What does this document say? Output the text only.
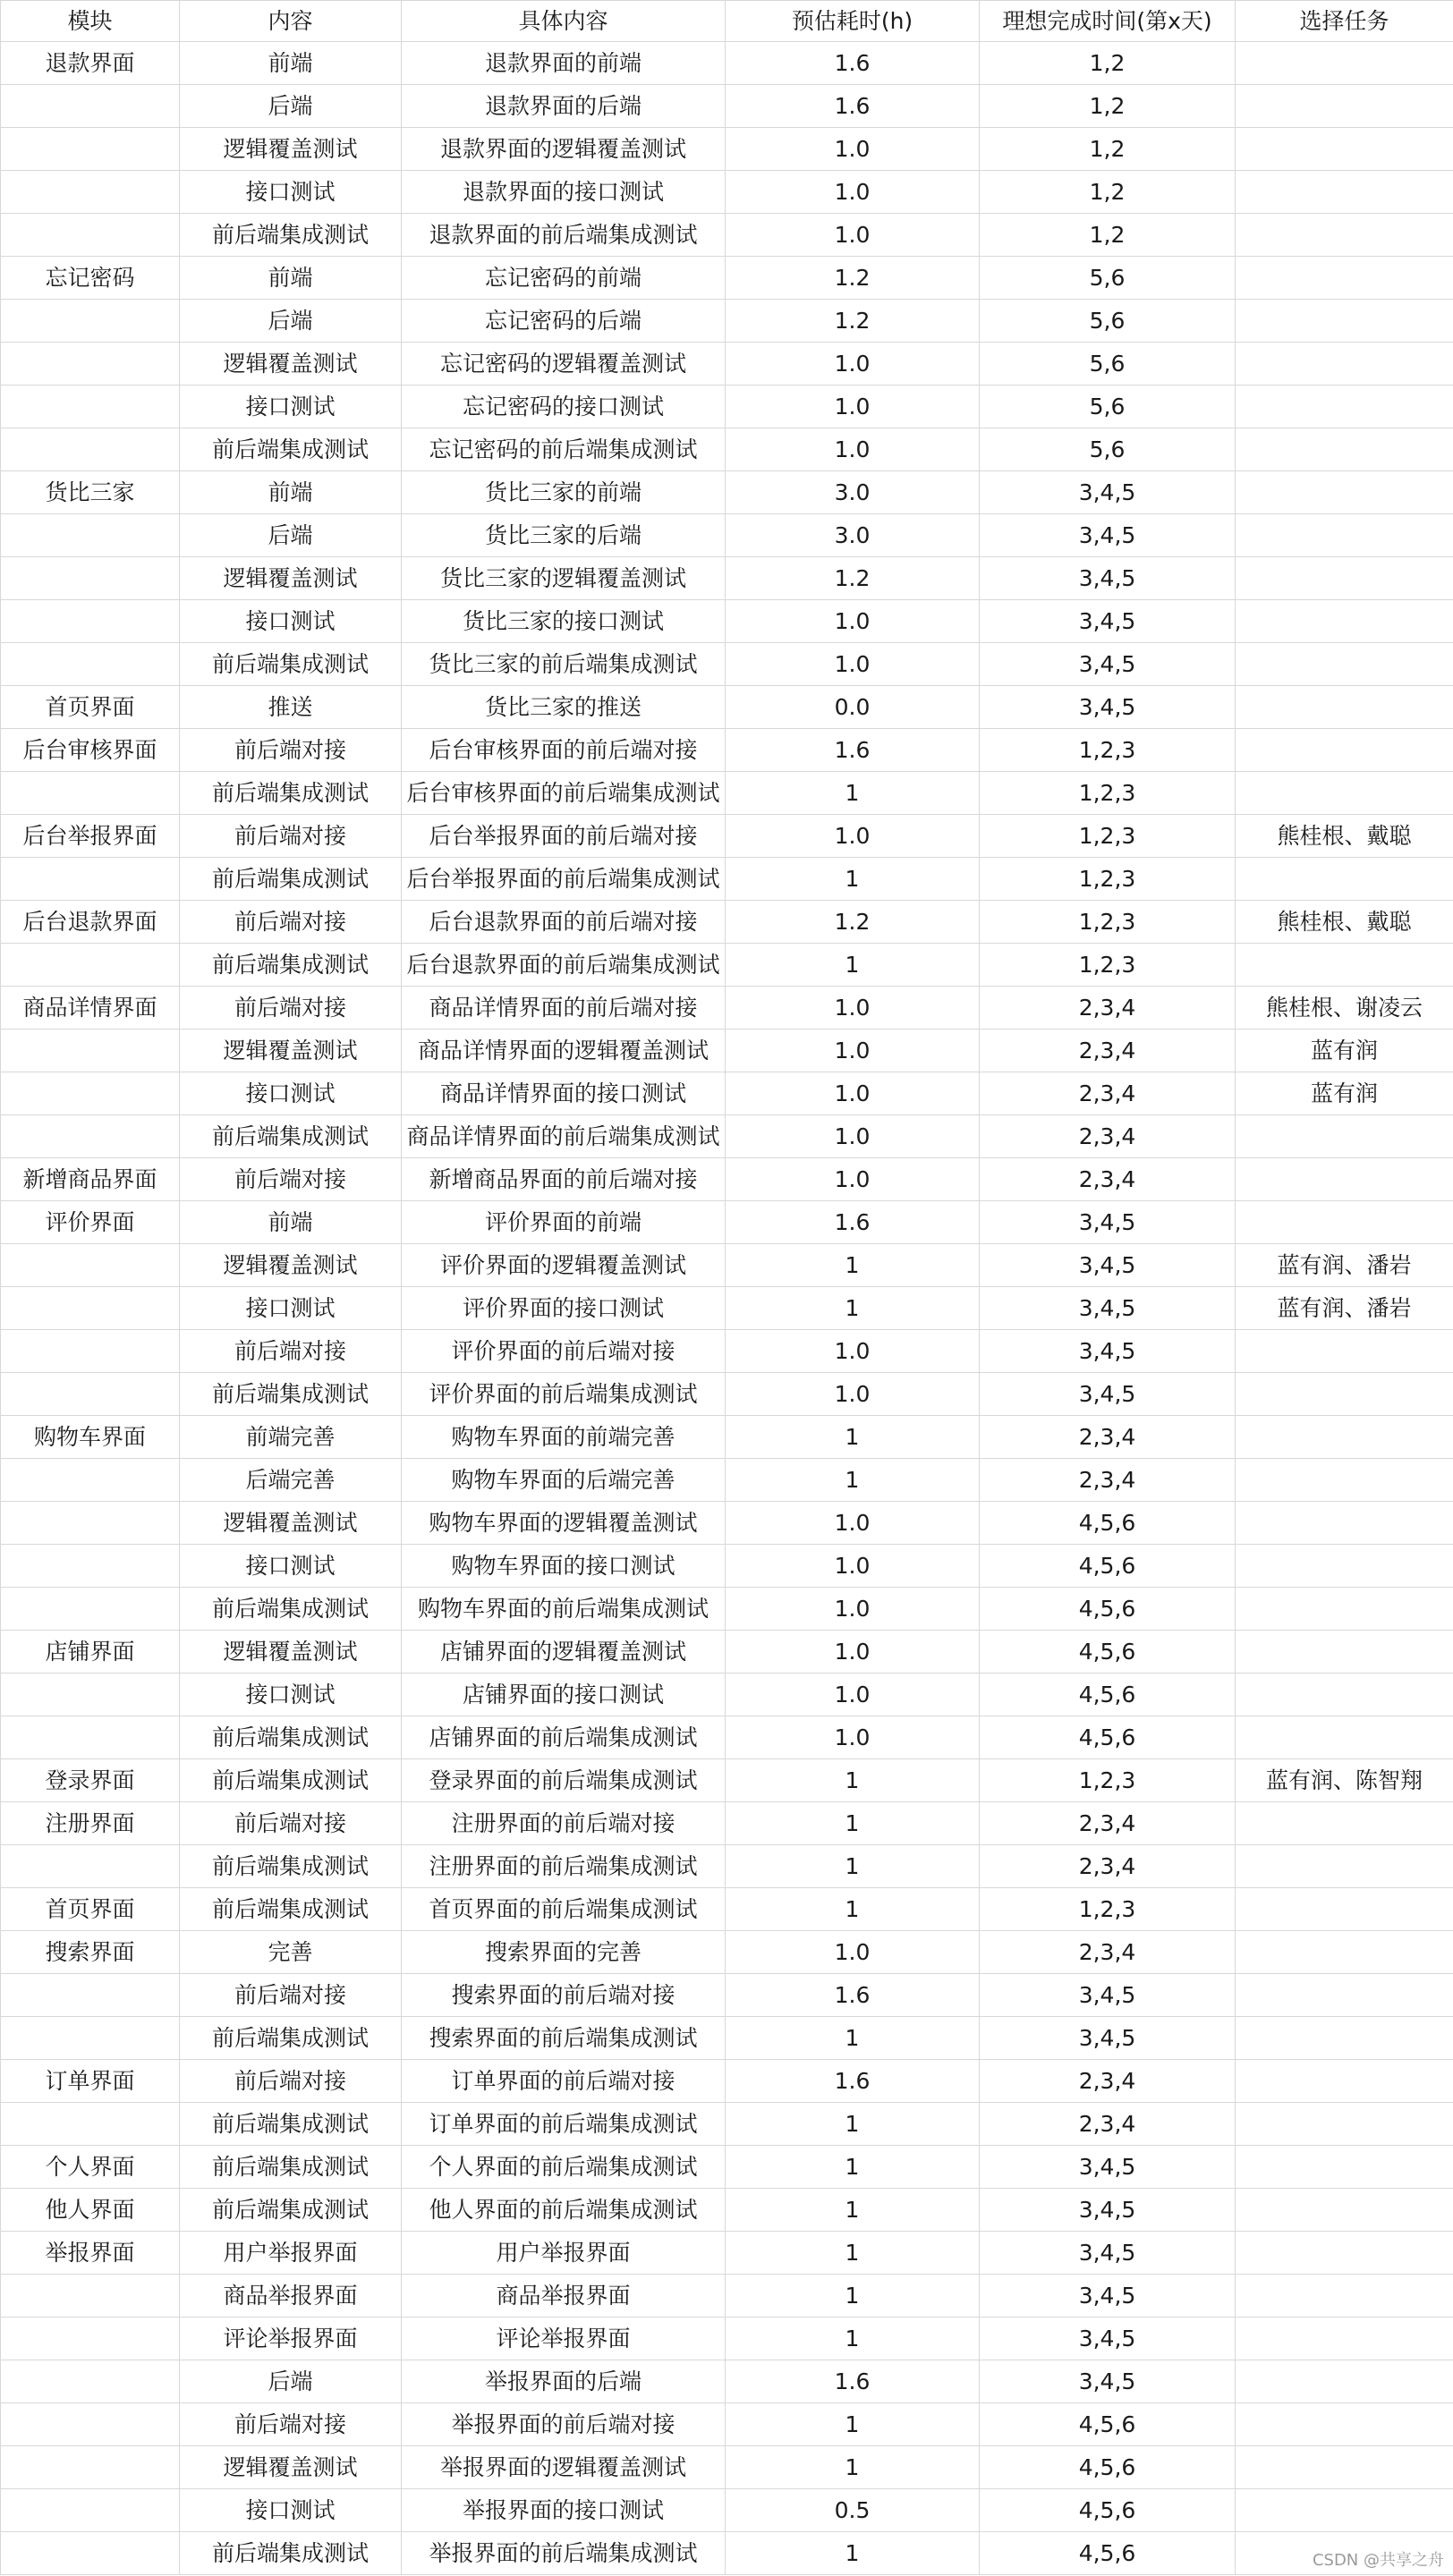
模块	内容	具体内容	预估耗时(h)	理想完成时间(第x天)	选择任务
退款界面	前端	退款界面的前端	1.6	1,2	
	后端	退款界面的后端	1.6	1,2	
	逻辑覆盖测试	退款界面的逻辑覆盖测试	1.0	1,2	
	接口测试	退款界面的接口测试	1.0	1,2	
	前后端集成测试	退款界面的前后端集成测试	1.0	1,2	
忘记密码	前端	忘记密码的前端	1.2	5,6	
	后端	忘记密码的后端	1.2	5,6	
	逻辑覆盖测试	忘记密码的逻辑覆盖测试	1.0	5,6	
	接口测试	忘记密码的接口测试	1.0	5,6	
	前后端集成测试	忘记密码的前后端集成测试	1.0	5,6	
货比三家	前端	货比三家的前端	3.0	3,4,5	
	后端	货比三家的后端	3.0	3,4,5	
	逻辑覆盖测试	货比三家的逻辑覆盖测试	1.2	3,4,5	
	接口测试	货比三家的接口测试	1.0	3,4,5	
	前后端集成测试	货比三家的前后端集成测试	1.0	3,4,5	
首页界面	推送	货比三家的推送	0.0	3,4,5	
后台审核界面	前后端对接	后台审核界面的前后端对接	1.6	1,2,3	
	前后端集成测试	后台审核界面的前后端集成测试	1	1,2,3	
后台举报界面	前后端对接	后台举报界面的前后端对接	1.0	1,2,3	熊桂根、戴聪
	前后端集成测试	后台举报界面的前后端集成测试	1	1,2,3	
后台退款界面	前后端对接	后台退款界面的前后端对接	1.2	1,2,3	熊桂根、戴聪
	前后端集成测试	后台退款界面的前后端集成测试	1	1,2,3	
商品详情界面	前后端对接	商品详情界面的前后端对接	1.0	2,3,4	熊桂根、谢凌云
	逻辑覆盖测试	商品详情界面的逻辑覆盖测试	1.0	2,3,4	蓝有润
	接口测试	商品详情界面的接口测试	1.0	2,3,4	蓝有润
	前后端集成测试	商品详情界面的前后端集成测试	1.0	2,3,4	
新增商品界面	前后端对接	新增商品界面的前后端对接	1.0	2,3,4	
评价界面	前端	评价界面的前端	1.6	3,4,5	
	逻辑覆盖测试	评价界面的逻辑覆盖测试	1	3,4,5	蓝有润、潘岩
	接口测试	评价界面的接口测试	1	3,4,5	蓝有润、潘岩
	前后端对接	评价界面的前后端对接	1.0	3,4,5	
	前后端集成测试	评价界面的前后端集成测试	1.0	3,4,5	
购物车界面	前端完善	购物车界面的前端完善	1	2,3,4	
	后端完善	购物车界面的后端完善	1	2,3,4	
	逻辑覆盖测试	购物车界面的逻辑覆盖测试	1.0	4,5,6	
	接口测试	购物车界面的接口测试	1.0	4,5,6	
	前后端集成测试	购物车界面的前后端集成测试	1.0	4,5,6	
店铺界面	逻辑覆盖测试	店铺界面的逻辑覆盖测试	1.0	4,5,6	
	接口测试	店铺界面的接口测试	1.0	4,5,6	
	前后端集成测试	店铺界面的前后端集成测试	1.0	4,5,6	
登录界面	前后端集成测试	登录界面的前后端集成测试	1	1,2,3	蓝有润、陈智翔
注册界面	前后端对接	注册界面的前后端对接	1	2,3,4	
	前后端集成测试	注册界面的前后端集成测试	1	2,3,4	
首页界面	前后端集成测试	首页界面的前后端集成测试	1	1,2,3	
搜索界面	完善	搜索界面的完善	1.0	2,3,4	
	前后端对接	搜索界面的前后端对接	1.6	3,4,5	
	前后端集成测试	搜索界面的前后端集成测试	1	3,4,5	
订单界面	前后端对接	订单界面的前后端对接	1.6	2,3,4	
	前后端集成测试	订单界面的前后端集成测试	1	2,3,4	
个人界面	前后端集成测试	个人界面的前后端集成测试	1	3,4,5	
他人界面	前后端集成测试	他人界面的前后端集成测试	1	3,4,5	
举报界面	用户举报界面	用户举报界面	1	3,4,5	
	商品举报界面	商品举报界面	1	3,4,5	
	评论举报界面	评论举报界面	1	3,4,5	
	后端	举报界面的后端	1.6	3,4,5	
	前后端对接	举报界面的前后端对接	1	4,5,6	
	逻辑覆盖测试	举报界面的逻辑覆盖测试	1	4,5,6	
	接口测试	举报界面的接口测试	0.5	4,5,6	
	前后端集成测试	举报界面的前后端集成测试	1	4,5,6		CSDN @共享之舟
